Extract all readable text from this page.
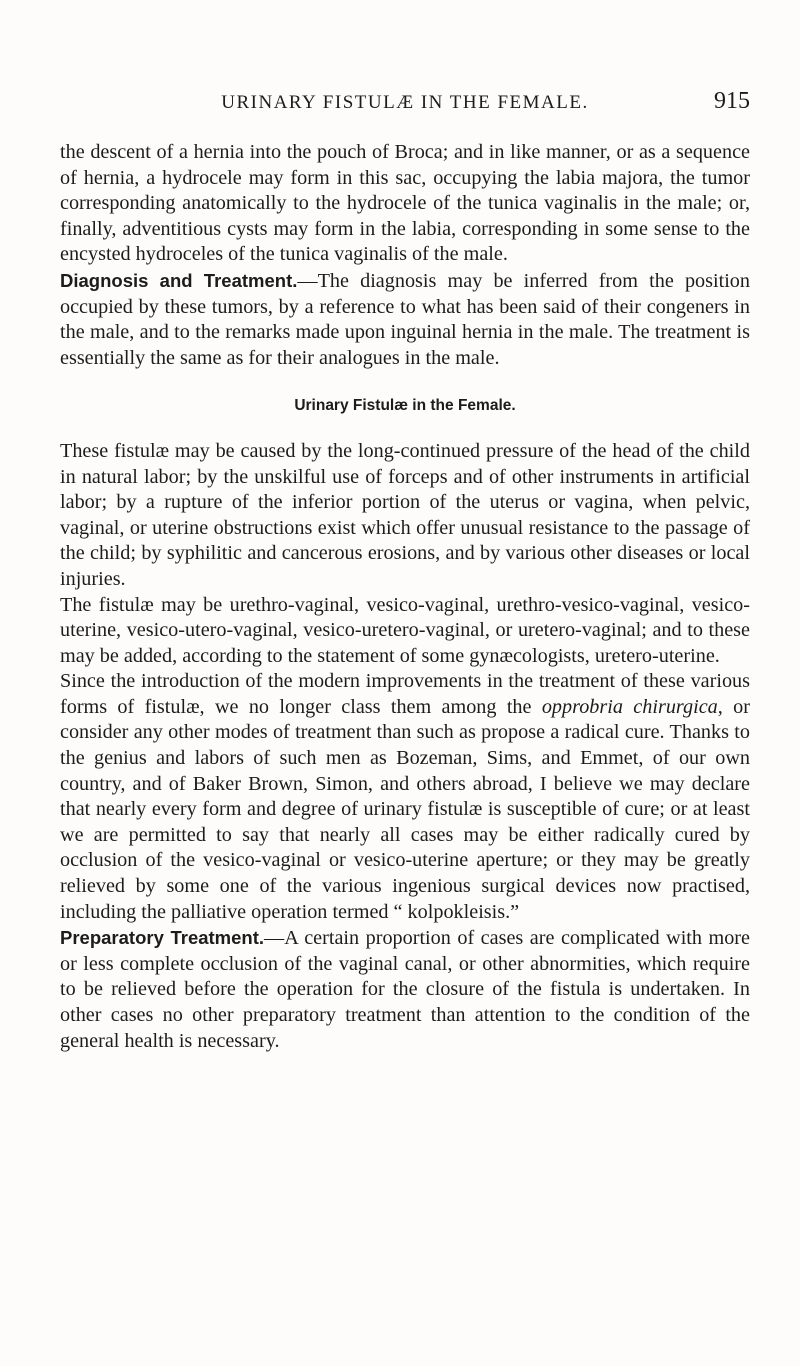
URINARY FISTULÆ IN THE FEMALE.	915

the descent of a hernia into the pouch of Broca; and in like manner, or as a sequence of hernia, a hydrocele may form in this sac, occupying the labia majora, the tumor corresponding anatomically to the hydrocele of the tunica vaginalis in the male; or, finally, adventitious cysts may form in the labia, corresponding in some sense to the encysted hydroceles of the tunica vaginalis of the male.

Diagnosis and Treatment.—The diagnosis may be inferred from the position occupied by these tumors, by a reference to what has been said of their congeners in the male, and to the remarks made upon inguinal hernia in the male. The treatment is essentially the same as for their analogues in the male.

Urinary Fistulæ in the Female.

These fistulæ may be caused by the long-continued pressure of the head of the child in natural labor; by the unskilful use of forceps and of other instruments in artificial labor; by a rupture of the inferior portion of the uterus or vagina, when pelvic, vaginal, or uterine obstructions exist which offer unusual resistance to the passage of the child; by syphilitic and cancerous erosions, and by various other diseases or local injuries.

The fistulæ may be urethro-vaginal, vesico-vaginal, urethro-vesico-vaginal, vesico-uterine, vesico-utero-vaginal, vesico-uretero-vaginal, or uretero-vaginal; and to these may be added, according to the statement of some gynæcologists, uretero-uterine.

Since the introduction of the modern improvements in the treatment of these various forms of fistulæ, we no longer class them among the opprobria chirurgica, or consider any other modes of treatment than such as propose a radical cure. Thanks to the genius and labors of such men as Bozeman, Sims, and Emmet, of our own country, and of Baker Brown, Simon, and others abroad, I believe we may declare that nearly every form and degree of urinary fistulæ is susceptible of cure; or at least we are permitted to say that nearly all cases may be either radically cured by occlusion of the vesico-vaginal or vesico-uterine aperture; or they may be greatly relieved by some one of the various ingenious surgical devices now practised, including the palliative operation termed “ kolpokleisis.”

Preparatory Treatment.—A certain proportion of cases are complicated with more or less complete occlusion of the vaginal canal, or other abnormities, which require to be relieved before the operation for the closure of the fistula is undertaken. In other cases no other preparatory treatment than attention to the condition of the general health is necessary.
